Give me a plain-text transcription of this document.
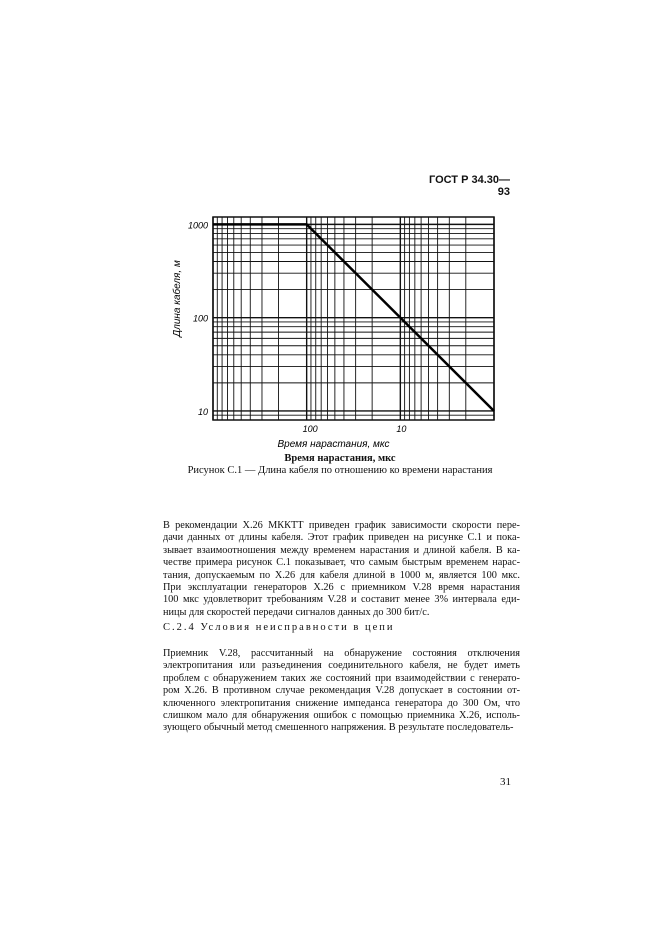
ГОСТ Р 34.30—93
100	10
1000
100
10
Время нарастания, мкс
Длина кабеля, м
Время нарастания, мкс
Рисунок С.1 — Длина кабеля по отношению ко времени нарастания
В рекомендации X.26 МККТТ приведен график зависимости скорости пере-
дачи данных от длины кабеля. Этот график приведен на рисунке С.1 и пока-
зывает взаимоотношения между временем нарастания и длиной кабеля. В ка-
честве примера рисунок С.1 показывает, что самым быстрым временем нарас-
тания, допускаемым по X.26 для кабеля длиной в 1000 м, является 100 мкс.
При эксплуатации генераторов X.26 с приемником V.28 время нарастания
100 мкс удовлетворит требованиям V.28 и составит менее 3% интервала еди-
ницы для скоростей передачи сигналов данных до 300 бит/с.
С.2.4 Условия неисправности в цепи
Приемник V.28, рассчитанный на обнаружение состояния отключения
электропитания или разъединения соединительного кабеля, не будет иметь
проблем с обнаружением таких же состояний при взаимодействии с генерато-
ром X.26. В противном случае рекомендация V.28 допускает в состоянии от-
ключенного электропитания снижение импеданса генератора до 300 Ом, что
слишком мало для обнаружения ошибок с помощью приемника X.26, исполь-
зующего обычный метод смешенного напряжения. В результате последователь-
31
